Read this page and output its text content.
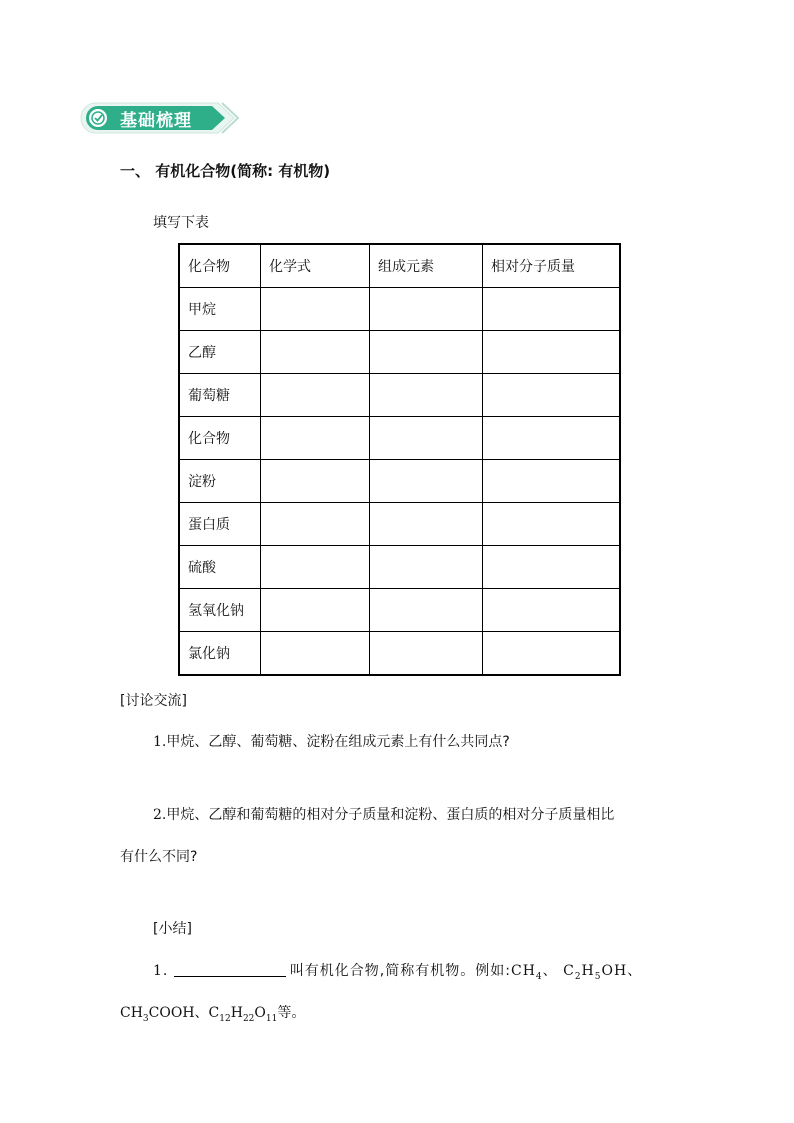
基础梳理
一、 有机化合物(简称: 有机物)
填写下表
化合物	化学式	组成元素	相对分子质量
甲烷			
乙醇			
葡萄糖			
化合物			
淀粉			
蛋白质			
硫酸			
氢氧化钠			
氯化钠			
[讨论交流]
1.甲烷、乙醇、葡萄糖、淀粉在组成元素上有什么共同点?
2.甲烷、乙醇和葡萄糖的相对分子质量和淀粉、蛋白质的相对分子质量相比
有什么不同?
[小结]
1.	叫有机化合物,简称有机物。例如$:CH_4$、 $C_2H_5OH$、
$CH_3COOH$、$C_{12}H_{22}O_{11}$等。
